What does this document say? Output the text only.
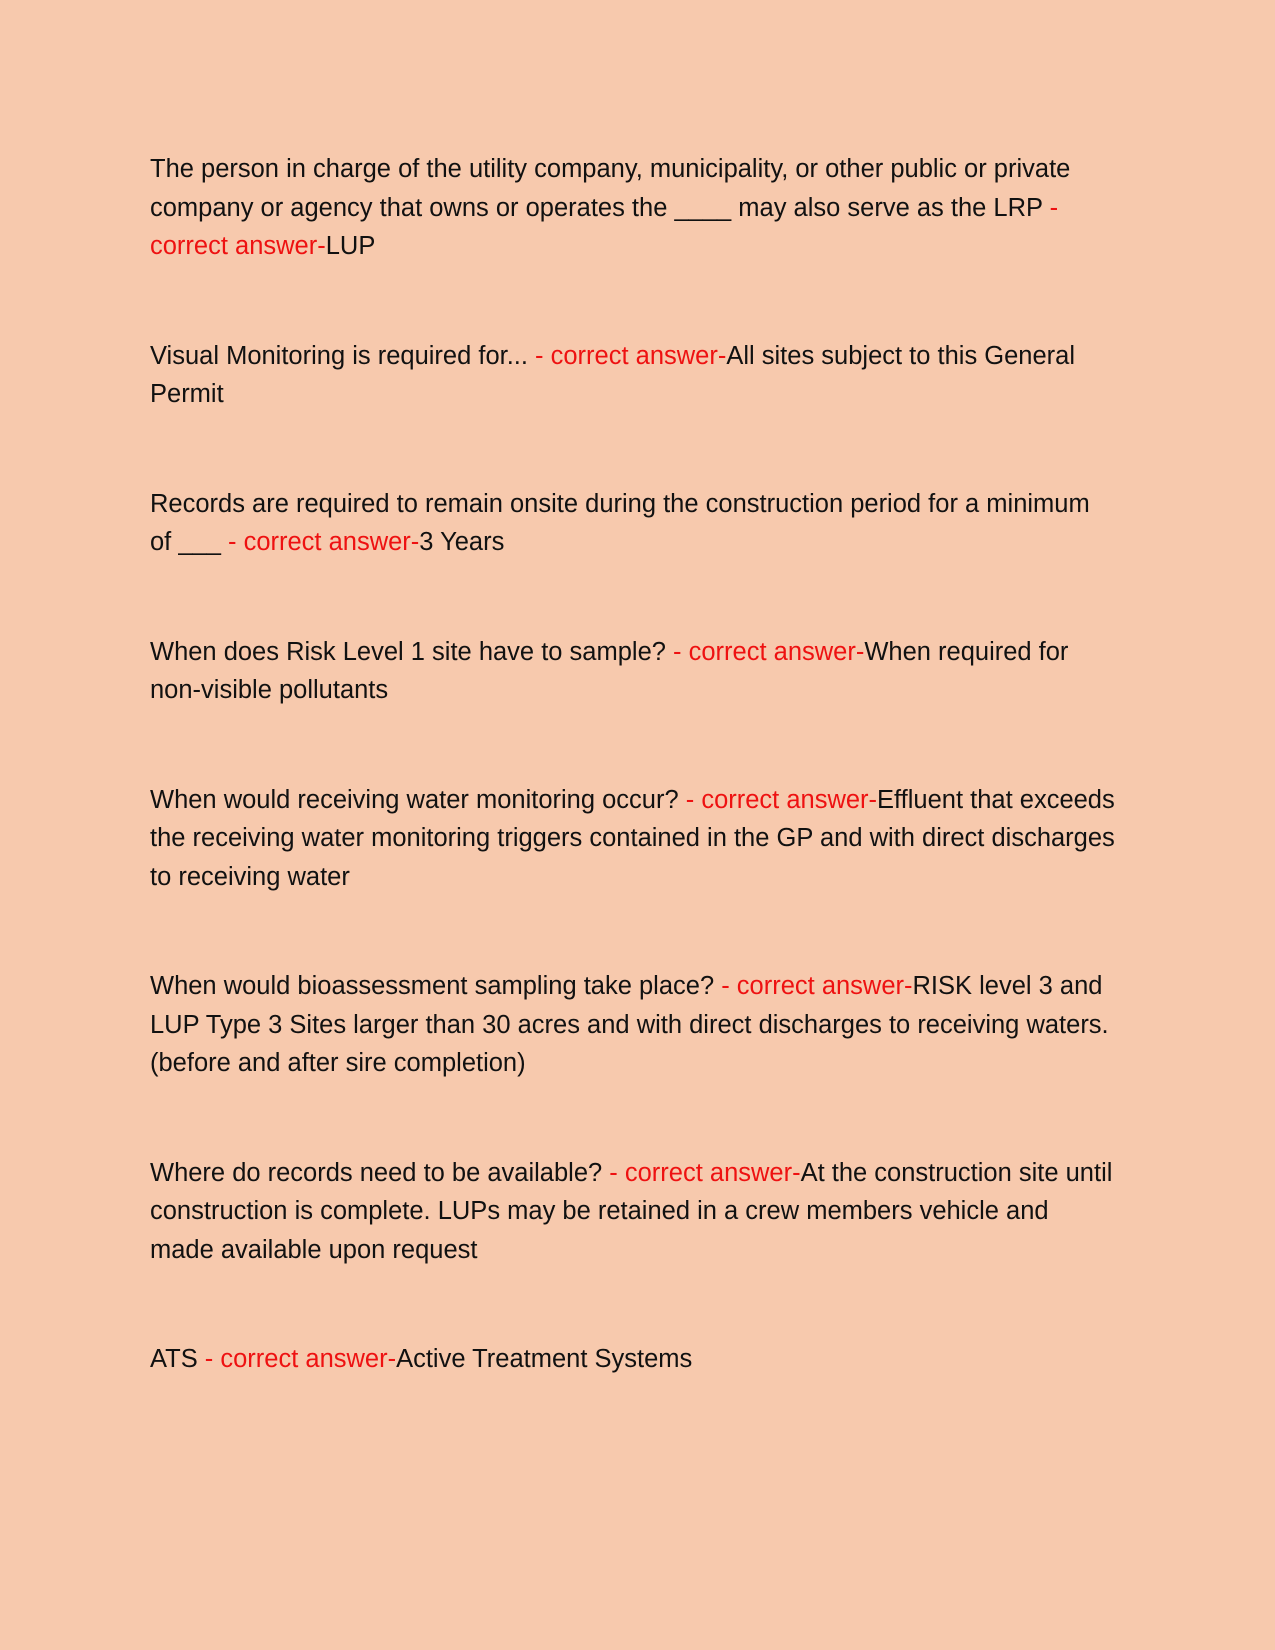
The person in charge of the utility company, municipality, or other public or private company or agency that owns or operates the ____ may also serve as the LRP - correct answer-LUP

Visual Monitoring is required for... - correct answer-All sites subject to this General Permit

Records are required to remain onsite during the construction period for a minimum of ___ - correct answer-3 Years

When does Risk Level 1 site have to sample? - correct answer-When required for non-visible pollutants

When would receiving water monitoring occur? - correct answer-Effluent that exceeds the receiving water monitoring triggers contained in the GP and with direct discharges to receiving water

When would bioassessment sampling take place? - correct answer-RISK level 3 and LUP Type 3 Sites larger than 30 acres and with direct discharges to receiving waters. (before and after sire completion)

Where do records need to be available? - correct answer-At the construction site until construction is complete. LUPs may be retained in a crew members vehicle and made available upon request

ATS - correct answer-Active Treatment Systems
